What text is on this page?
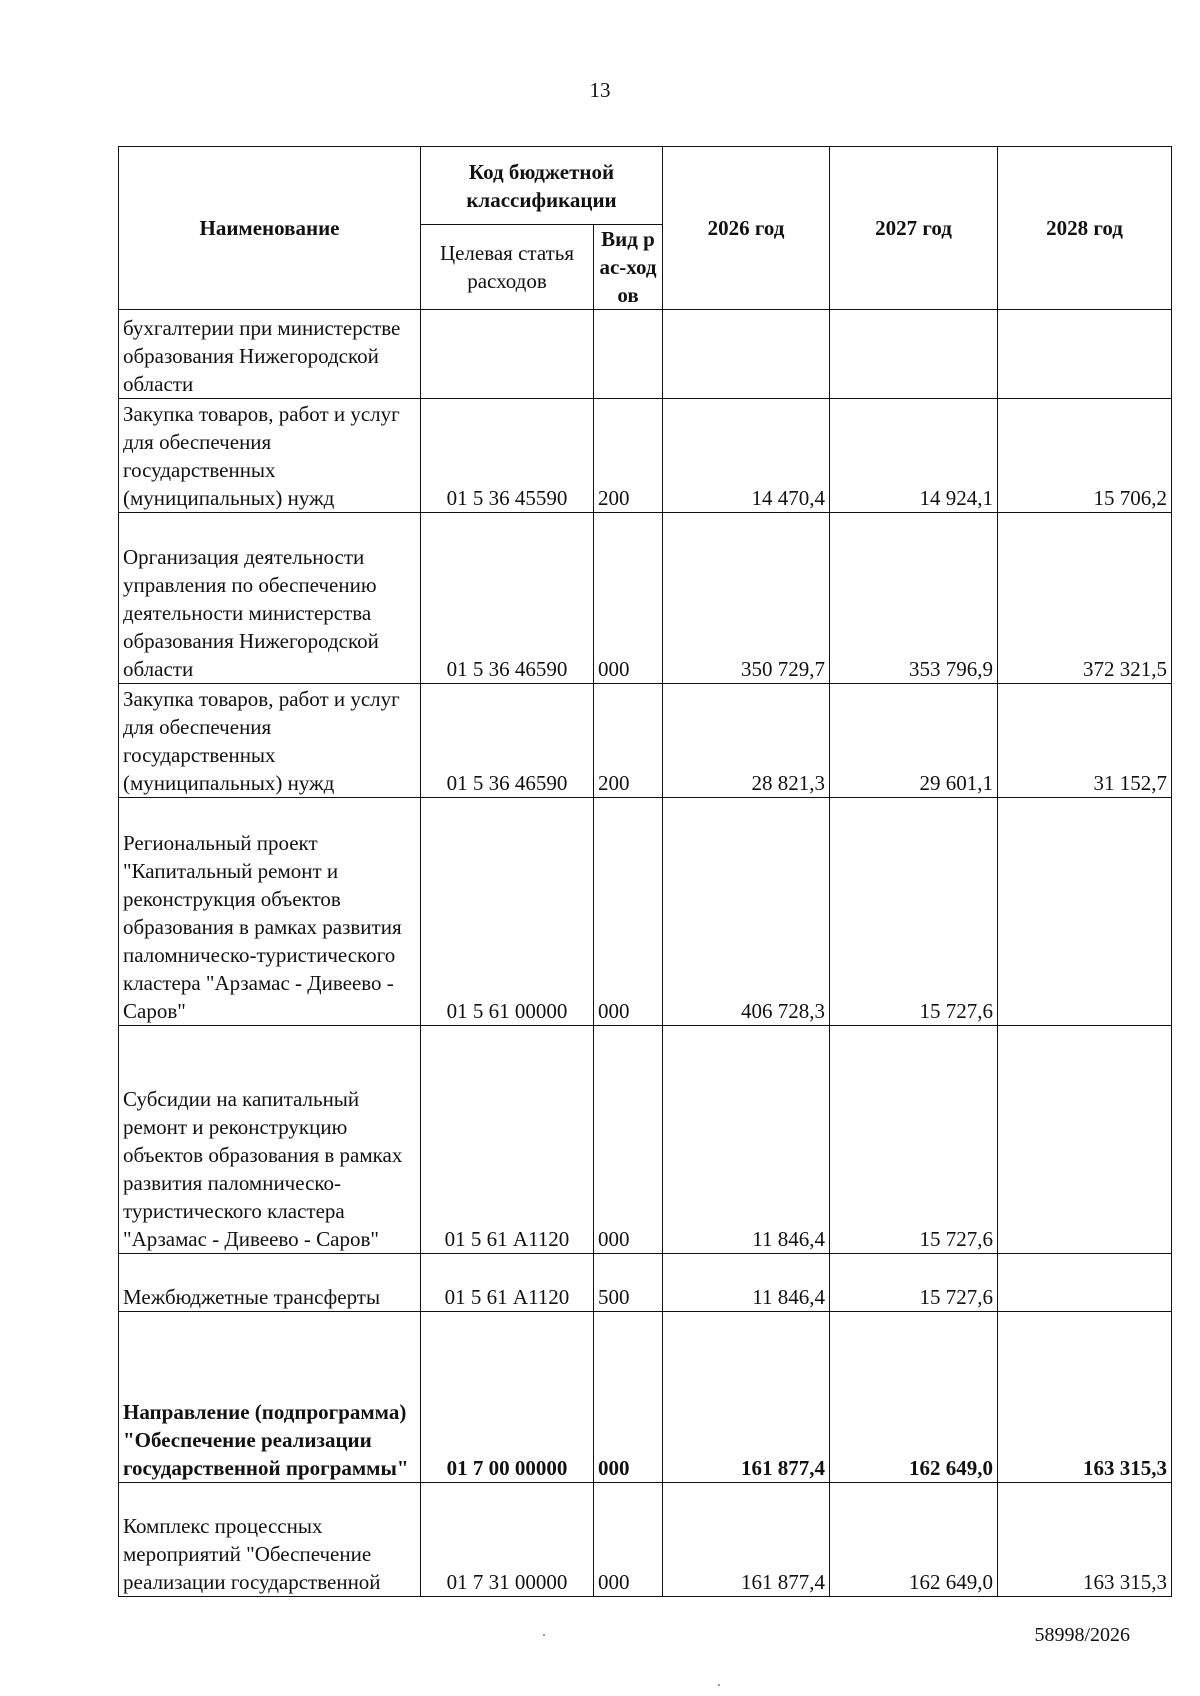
13
Наименование	Код бюджетной классификации		2026 год	2027 год	2028 год
	Целевая статья расходов	Вид рас-ходов			
бухгалтерии при министерстве образования Нижегородской области					
Закупка товаров, работ и услуг для обеспечения государственных (муниципальных) нужд	01 5 36 45590	200	14 470,4	14 924,1	15 706,2
Организация деятельности управления по обеспечению деятельности министерства образования Нижегородской области	01 5 36 46590	000	350 729,7	353 796,9	372 321,5
Закупка товаров, работ и услуг для обеспечения государственных (муниципальных) нужд	01 5 36 46590	200	28 821,3	29 601,1	31 152,7
Региональный проект "Капитальный ремонт и реконструкция объектов образования в рамках развития паломническо-туристического кластера "Арзамас - Дивеево - Саров"	01 5 61 00000	000	406 728,3	15 727,6	
Субсидии на капитальный ремонт и реконструкцию объектов образования в рамках развития паломническо-туристического кластера "Арзамас - Дивеево - Саров"	01 5 61 А1120	000	11 846,4	15 727,6	
Межбюджетные трансферты	01 5 61 А1120	500	11 846,4	15 727,6	
Направление (подпрограмма) "Обеспечение реализации государственной программы"	01 7 00 00000	000	161 877,4	162 649,0	163 315,3
Комплекс процессных мероприятий "Обеспечение реализации государственной	01 7 31 00000	000	161 877,4	162 649,0	163 315,3
58998/2026
